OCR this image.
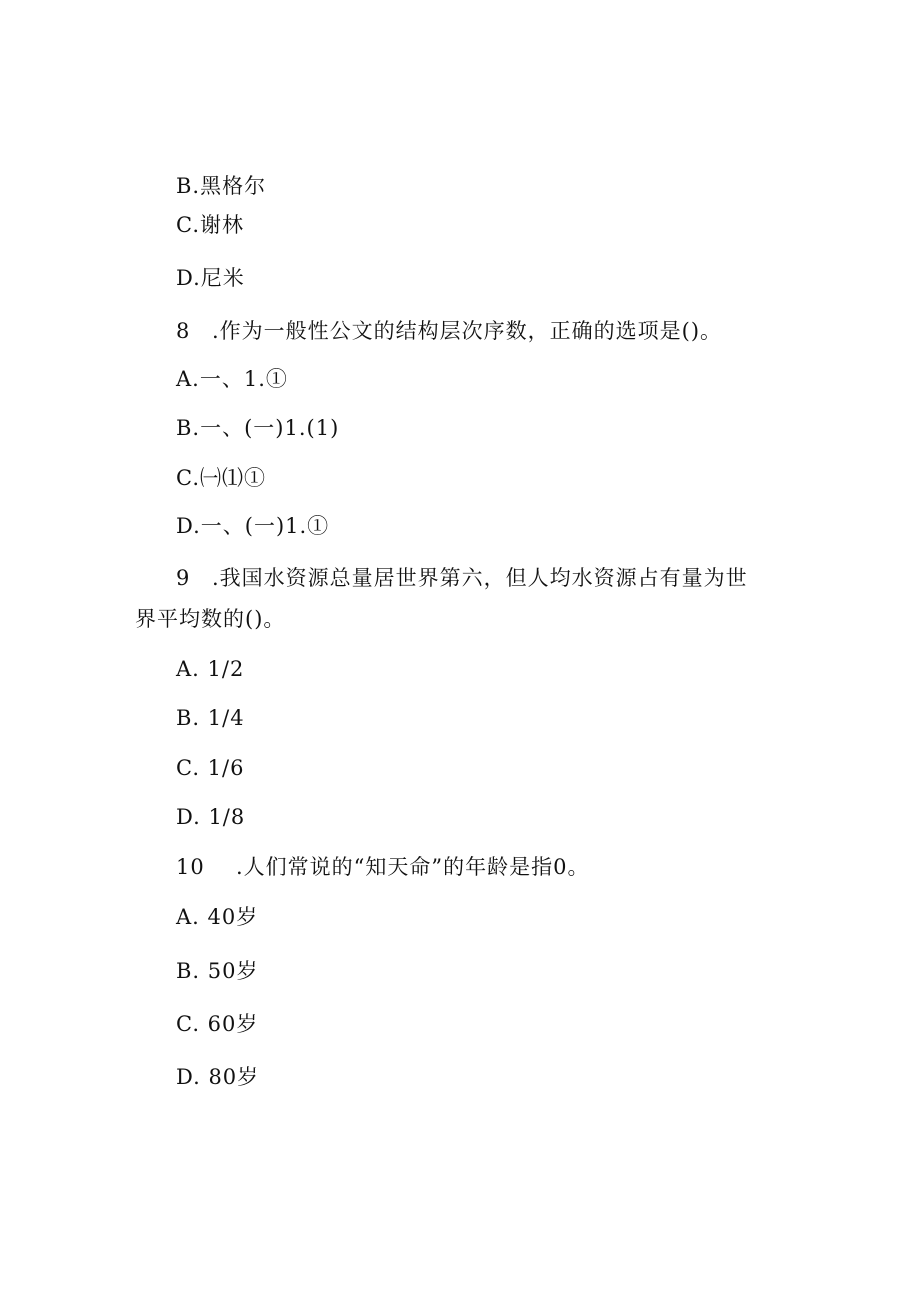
B.黑格尔
C.谢林
D.尼米
8 .作为一般性公文的结构层次序数，正确的选项是()。
A.一、1.①
B.一、(一)1.(1)
C.㈠⑴①
D.一、(一)1.①
9 .我国水资源总量居世界第六，但人均水资源占有量为世
界平均数的()。
A. 1/2
B. 1/4
C. 1/6
D. 1/8
10 .人们常说的“知天命”的年龄是指0。
A. 40岁
B. 50岁
C. 60岁
D. 80岁
